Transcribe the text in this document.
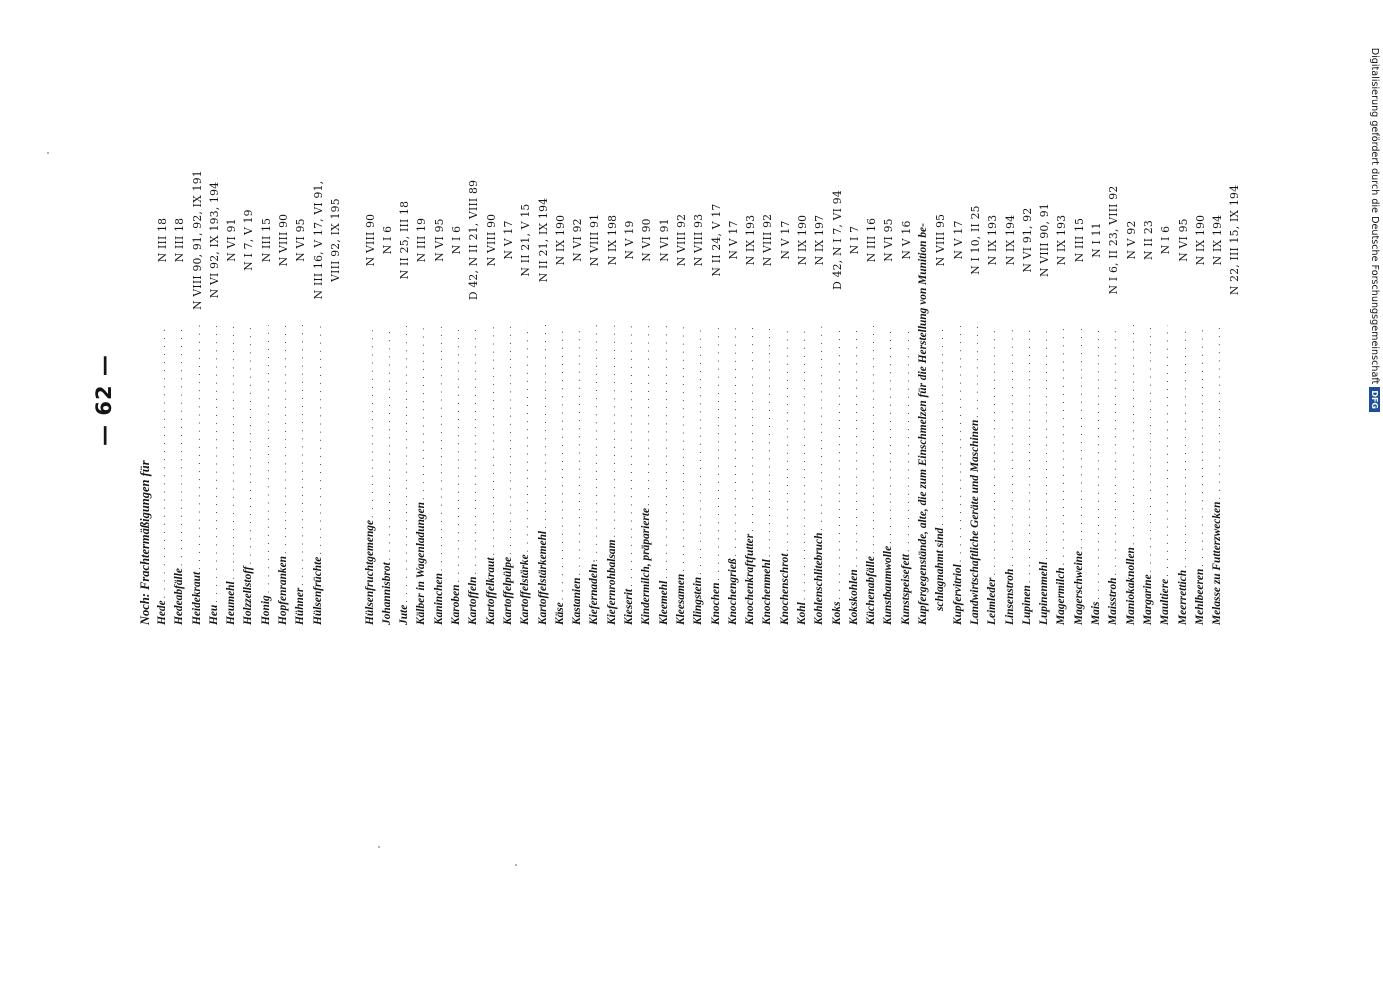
— 62 —
Noch: Frachtermäßigungen für Hede
. . .
N III 18
Hedeabfälle
. . .
N III 18
Heidekraut
. . .
N VIII 90, 91, 92, IX 191
Heu
. . .
N VI 92, IX 193, 194
Heumehl
. . .
N VI 91
Holzzellstoff
. . .
N I 7, V 19
Honig
. . .
N III 15
Hopfenranken
. . .
N VIII 90
Hühner
. . .
N VI 95
Hülsenfrüchte
. . .
N III 16, V 17, VI 91, VIII 92, IX 195
Hülsenfruchtgemenge
. . .
N VIII 90
Johannisbrot
. . .
N I 6
Jute
. . .
N II 25, III 18
Kälber in Wagenladungen
. . .
N III 19
Kaninchen
. . .
N VI 95
Karoben
. . .
N I 6
Kartoffeln
. . .
D 42, N II 21, VIII 89
Kartoffelkraut
. . .
N VIII 90
Kartoffelpülpe
. . .
N V 17
Kartoffelstärke
. . .
N II 21, V 15
Kartoffelstärkemehl
. . .
N II 21, IX 194
Käse
. . .
N IX 190
Kastanien
. . .
N VI 92
Kiefernadeln
. . .
N VIII 91
Kiefernrohbalsam
. . .
N IX 198
Kieserit
. . .
N V 19
Kindermilch, präparierte
. . .
N VI 90
Kleemehl
. . .
N VI 91
Kleesamen
. . .
N VIII 92
Klingstein
. . .
N VIII 93
Knochen
. . .
N II 24, V 17
Knochengrieß
. . .
N V 17
Knochenkraftfutter
. . .
N IX 193
Knochenmehl
. . .
N VIII 92
Knochenschrot
. . .
N V 17
Kohl
. . .
N IX 190
Kohlenschlitebruch
. . .
N IX 197
Koks
. . .
D 42, N I 7, VI 94
Kokskohlen
. . .
N I 7
Küchenabfälle
. . .
N III 16
Kunstbaumwolle
. . .
N VI 95
Kunstspeisefett
. . .
N V 16 Kupfergegenstände, alte, die zum Einschmelzen für die Herstellung von Munition be- schlagnahmt sind
. . .
N VIII 95
Kupfervitriol
. . .
N V 17
Landwirtschaftliche Geräte und Maschinen
. . .
N I 10, II 25
Leimleder
. . .
N IX 193
Linsenstroh
. . .
N IX 194
Lupinen
. . .
N VI 91, 92
Lupinenmehl
. . .
N VIII 90, 91
Magermilch
. . .
N IX 193
Magerschweine
. . .
N III 15
Mais
. . .
N I 11
Maisstroh
. . .
N I 6, II 23, VIII 92
Maniokaknollen
. . .
N V 92
Margarine
. . .
N II 23
Maultiere
. . .
N I 6
Meerrettich
. . .
N VI 95
Mehlbeeren
. . .
N IX 190
Melasse zu Futterzwecken
. . .
N IX 194 N 22, III 15, IX 194
DFG
Digitalisierung gefördert durch die Deutsche Forschungsgemeinschaft
